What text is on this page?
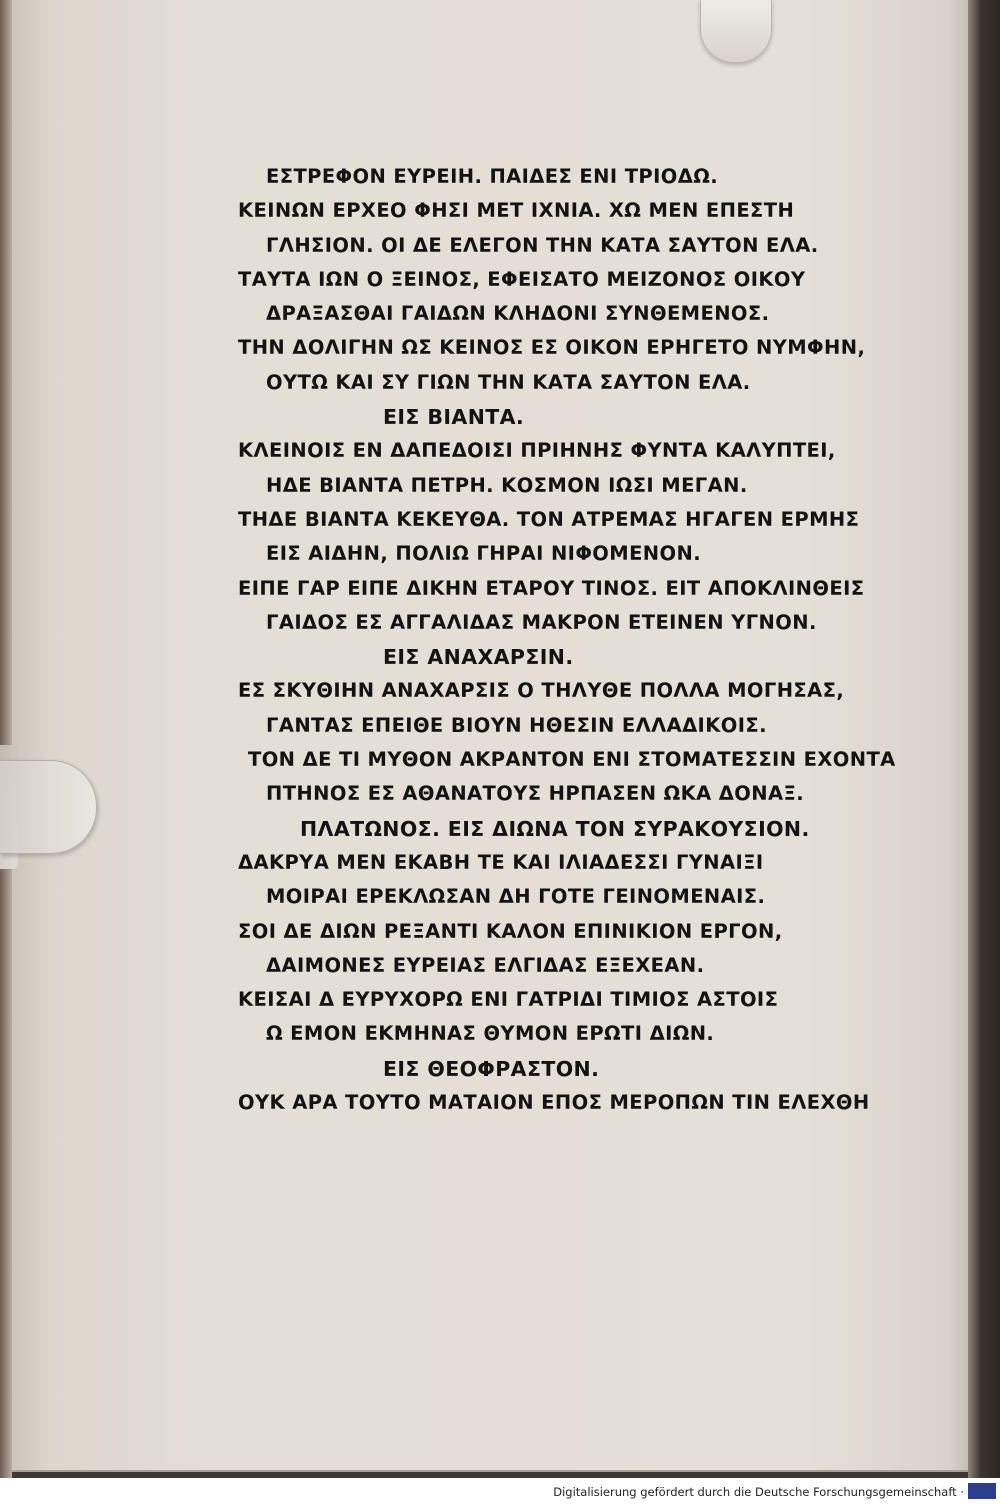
ΕΣΤΡΕΦΟΝ ΕΥΡΕΙΗ. ΠΑΙΔΕΣ ΕΝΙ ΤΡΙΟΔΩ.
ΚΕΙΝΩΝ ΕΡΧΕΟ ΦΗΣΙ ΜΕΤ ΙΧΝΙΑ. ΧΩ ΜΕΝ ΕΠΕΣΤΗ
ΓΛΗΣΙΟΝ. ΟΙ ΔΕ ΕΛΕΓΟΝ ΤΗΝ ΚΑΤΑ ΣΑΥΤΟΝ ΕΛΑ.
ΤΑΥΤΑ ΙΩΝ Ο ΞΕΙΝΟΣ, ΕΦΕΙΣΑΤΟ ΜΕΙΖΟΝΟΣ ΟΙΚΟΥ
ΔΡΑΞΑΣΘΑΙ ΓΑΙΔΩΝ ΚΛΗΔΟΝΙ ΣΥΝΘΕΜΕΝΟΣ.
ΤΗΝ ΔΟΛΙΓΗΝ ΩΣ ΚΕΙΝΟΣ ΕΣ ΟΙΚΟΝ ΕΡΗΓΕΤΟ ΝΥΜΦΗΝ,
ΟΥΤΩ ΚΑΙ ΣΥ ΓΙΩΝ ΤΗΝ ΚΑΤΑ ΣΑΥΤΟΝ ΕΛΑ.
ΕΙΣ ΒΙΑΝΤΑ.
ΚΛΕΙΝΟΙΣ ΕΝ ΔΑΠΕΔΟΙΣΙ ΠΡΙΗΝΗΣ ΦΥΝΤΑ ΚΑΛΥΠΤΕΙ,
ΗΔΕ ΒΙΑΝΤΑ ΠΕΤΡΗ. ΚΟΣΜΟΝ ΙΩΣΙ ΜΕΓΑΝ.
ΤΗΔΕ ΒΙΑΝΤΑ ΚΕΚΕΥΘΑ. ΤΟΝ ΑΤΡΕΜΑΣ ΗΓΑΓΕΝ ΕΡΜΗΣ
ΕΙΣ ΑΙΔΗΝ, ΠΟΛΙΩ ΓΗΡΑΙ ΝΙΦΟΜΕΝΟΝ.
ΕΙΠΕ ΓΑΡ ΕΙΠΕ ΔΙΚΗΝ ΕΤΑΡΟΥ ΤΙΝΟΣ. ΕΙΤ ΑΠΟΚΛΙΝΘΕΙΣ
ΓΑΙΔΟΣ ΕΣ ΑΓΓΑΛΙΔΑΣ ΜΑΚΡΟΝ ΕΤΕΙΝΕΝ ΥΓΝΟΝ.
ΕΙΣ ΑΝΑΧΑΡΣΙΝ.
ΕΣ ΣΚΥΘΙΗΝ ΑΝΑΧΑΡΣΙΣ Ο ΤΗΛΥΘΕ ΠΟΛΛΑ ΜΟΓΗΣΑΣ,
ΓΑΝΤΑΣ ΕΠΕΙΘΕ ΒΙΟΥΝ ΗΘΕΣΙΝ ΕΛΛΑΔΙΚΟΙΣ.
ΤΟΝ ΔΕ ΤΙ ΜΥΘΟΝ ΑΚΡΑΝΤΟΝ ΕΝΙ ΣΤΟΜΑΤΕΣΣΙΝ ΕΧΟΝΤΑ
ΠΤΗΝΟΣ ΕΣ ΑΘΑΝΑΤΟΥΣ ΗΡΠΑΣΕΝ ΩΚΑ ΔΟΝΑΞ.
ΠΛΑΤΩΝΟΣ. ΕΙΣ ΔΙΩΝΑ ΤΟΝ ΣΥΡΑΚΟΥΣΙΟΝ.
ΔΑΚΡΥΑ ΜΕΝ ΕΚΑΒΗ ΤΕ ΚΑΙ ΙΛΙΑΔΕΣΣΙ ΓΥΝΑΙΞΙ
ΜΟΙΡΑΙ ΕΡΕΚΛΩΣΑΝ ΔΗ ΓΟΤΕ ΓΕΙΝΟΜΕΝΑΙΣ.
ΣΟΙ ΔΕ ΔΙΩΝ ΡΕΞΑΝΤΙ ΚΑΛΟΝ ΕΠΙΝΙΚΙΟΝ ΕΡΓΟΝ,
ΔΑΙΜΟΝΕΣ ΕΥΡΕΙΑΣ ΕΛΓΙΔΑΣ ΕΞΕΧΕΑΝ.
ΚΕΙΣΑΙ Δ ΕΥΡΥΧΟΡΩ ΕΝΙ ΓΑΤΡΙΔΙ ΤΙΜΙΟΣ ΑΣΤΟΙΣ
Ω ΕΜΟΝ ΕΚΜΗΝΑΣ ΘΥΜΟΝ ΕΡΩΤΙ ΔΙΩΝ.
ΕΙΣ ΘΕΟΦΡΑΣΤΟΝ.
ΟΥΚ ΑΡΑ ΤΟΥΤΟ ΜΑΤΑΙΟΝ ΕΠΟΣ ΜΕΡΟΠΩΝ ΤΙΝ ΕΛΕΧΘΗ
Digitalisierung gefördert durch die Deutsche Forschungsgemeinschaft ·
